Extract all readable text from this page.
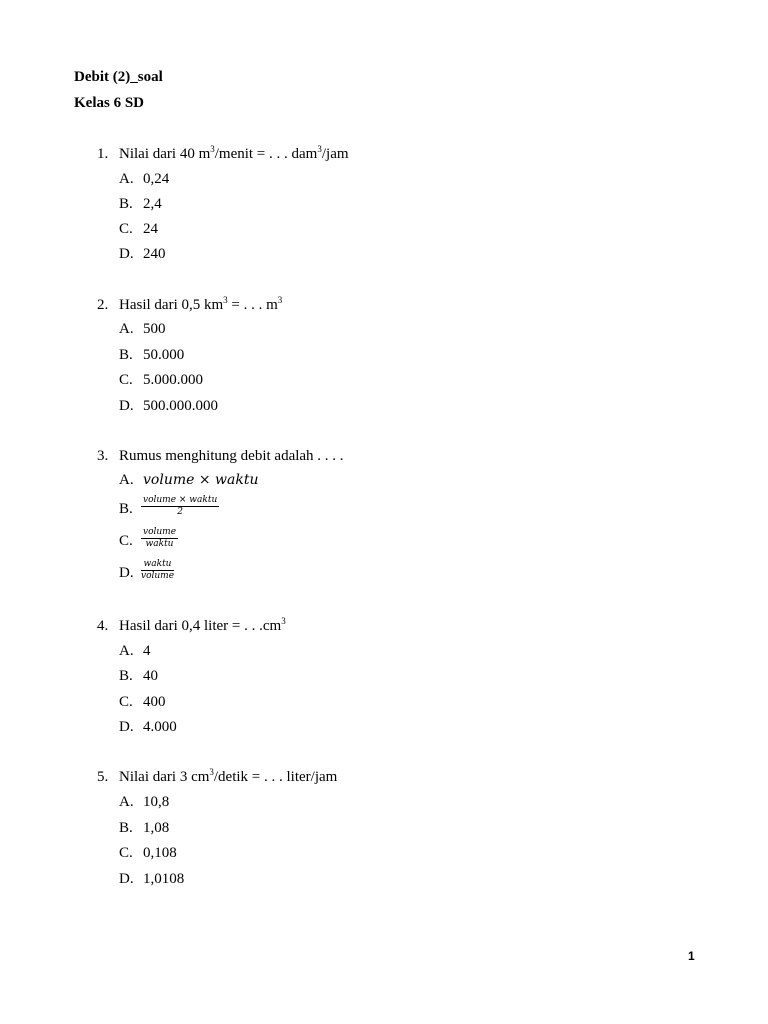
Debit (2)_soal
Kelas 6 SD
1. Nilai dari 40 $m^3$/menit = . . . dam$^3$/jam
A. 0,24
B. 2,4
C. 24
D. 240
2. Hasil dari 0,5 $km^3$ = . . . $m^3$
A. 500
B. 50.000
C. 5.000.000
D. 500.000.000
3. Rumus menghitung debit adalah . . . .
A. volume × waktu
B.
volume × waktu
2
C.
volume
waktu
D.
waktu
volume
4. Hasil dari 0,4 liter = . . $.cm^3$
A. 4
B. 40
C. 400
D. 4.000
5. Nilai dari 3 $cm^3$/detik = . . . liter/jam
A. 10,8
B. 1,08
C. 0,108
D. 1,0108
1
